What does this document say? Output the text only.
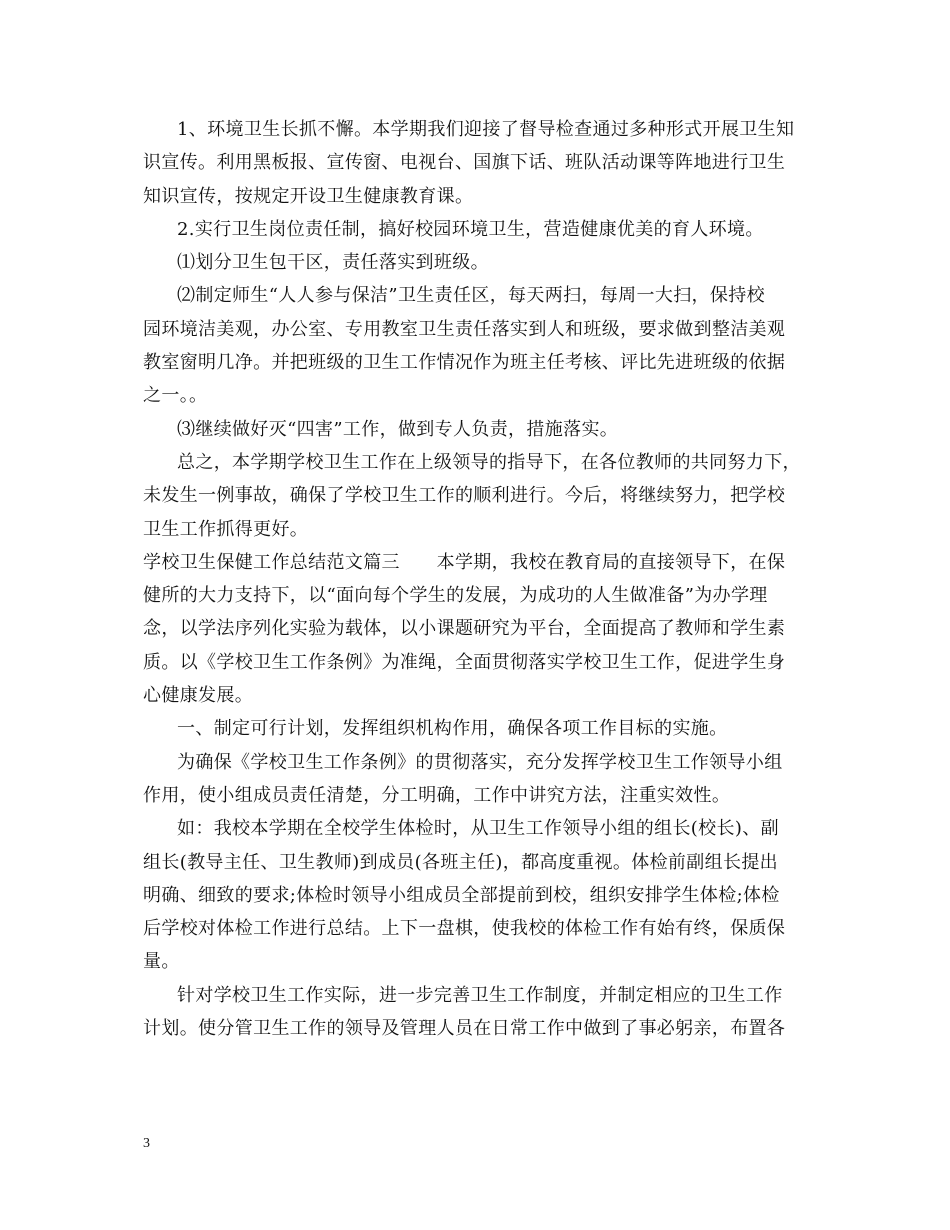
1、环境卫生长抓不懈。本学期我们迎接了督导检查通过多种形式开展卫生知
识宣传。利用黑板报、宣传窗、电视台、国旗下话、班队活动课等阵地进行卫生
知识宣传，按规定开设卫生健康教育课。
2.实行卫生岗位责任制，搞好校园环境卫生，营造健康优美的育人环境。
⑴划分卫生包干区，责任落实到班级。
⑵制定师生“人人参与保洁”卫生责任区，每天两扫，每周一大扫，保持校
园环境洁美观，办公室、专用教室卫生责任落实到人和班级，要求做到整洁美观
教室窗明几净。并把班级的卫生工作情况作为班主任考核、评比先进班级的依据
之一。。
⑶继续做好灭“四害”工作，做到专人负责，措施落实。
总之，本学期学校卫生工作在上级领导的指导下，在各位教师的共同努力下，
未发生一例事故，确保了学校卫生工作的顺利进行。今后，将继续努力，把学校
卫生工作抓得更好。
学校卫生保健工作总结范文篇三　　本学期，我校在教育局的直接领导下，在保
健所的大力支持下，以“面向每个学生的发展，为成功的人生做准备”为办学理
念，以学法序列化实验为载体，以小课题研究为平台，全面提高了教师和学生素
质。以《学校卫生工作条例》为准绳，全面贯彻落实学校卫生工作，促进学生身
心健康发展。
一、制定可行计划，发挥组织机构作用，确保各项工作目标的实施。
为确保《学校卫生工作条例》的贯彻落实，充分发挥学校卫生工作领导小组
作用，使小组成员责任清楚，分工明确，工作中讲究方法，注重实效性。
如：我校本学期在全校学生体检时，从卫生工作领导小组的组长(校长)、副
组长(教导主任、卫生教师)到成员(各班主任)，都高度重视。体检前副组长提出
明确、细致的要求;体检时领导小组成员全部提前到校，组织安排学生体检;体检
后学校对体检工作进行总结。上下一盘棋，使我校的体检工作有始有终，保质保
量。
针对学校卫生工作实际，进一步完善卫生工作制度，并制定相应的卫生工作
计划。使分管卫生工作的领导及管理人员在日常工作中做到了事必躬亲，布置各
3
